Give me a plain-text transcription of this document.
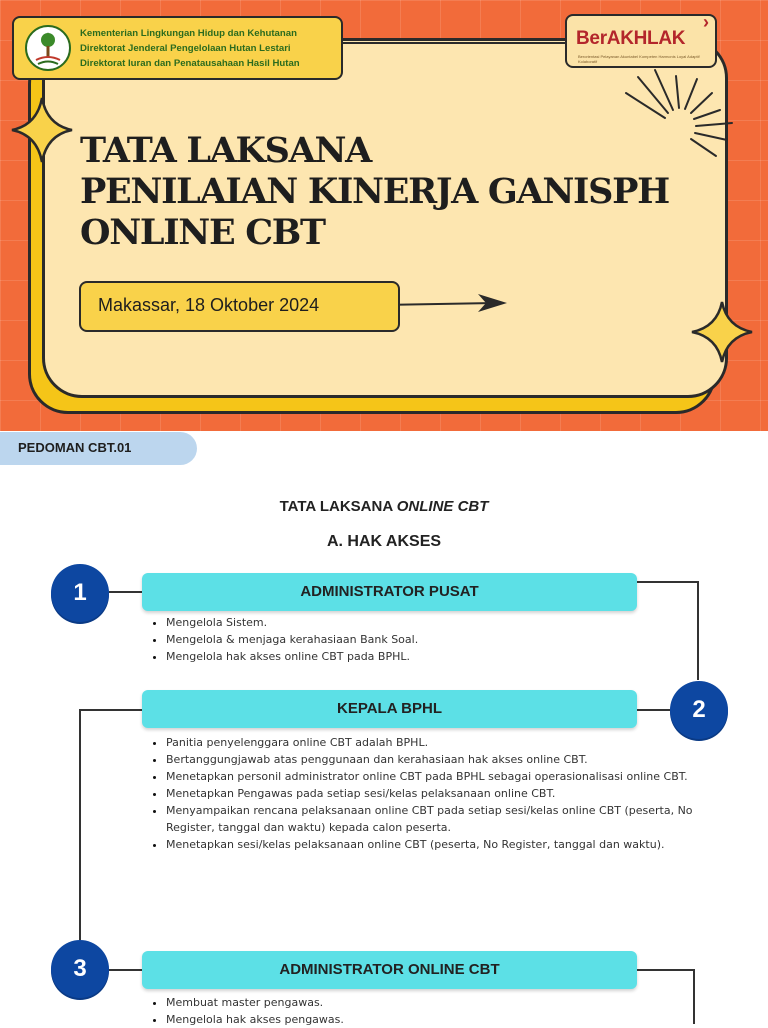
Kementerian Lingkungan Hidup dan Kehutanan
Direktorat Jenderal Pengelolaan Hutan Lestari
Direktorat Iuran dan Penatausahaan Hasil Hutan
BerAKHLAK
Berorientasi Pelayanan Akuntabel Kompeten Harmonis Loyal Adaptif Kolaboratif
›
TATA LAKSANA
PENILAIAN KINERJA GANISPH
ONLINE CBT
Makassar, 18 Oktober 2024
PEDOMAN CBT.01
TATA LAKSANA ONLINE CBT
A. HAK AKSES
1	ADMINISTRATOR PUSAT
• Mengelola Sistem.
• Mengelola & menjaga kerahasiaan Bank Soal.
• Mengelola hak akses online CBT pada BPHL.
2
KEPALA BPHL
• Panitia penyelenggara online CBT adalah BPHL.
• Bertanggungjawab atas penggunaan dan kerahasiaan hak akses online CBT.
• Menetapkan personil administrator online CBT pada BPHL sebagai operasionalisasi online CBT.
• Menetapkan Pengawas pada setiap sesi/kelas pelaksanaan online CBT.
• Menyampaikan rencana pelaksanaan online CBT pada setiap sesi/kelas online CBT (peserta, No Register, tanggal dan waktu) kepada calon peserta.
• Menetapkan sesi/kelas pelaksanaan online CBT (peserta, No Register, tanggal dan waktu).
3	ADMINISTRATOR ONLINE CBT
• Membuat master pengawas.
• Mengelola hak akses pengawas.
